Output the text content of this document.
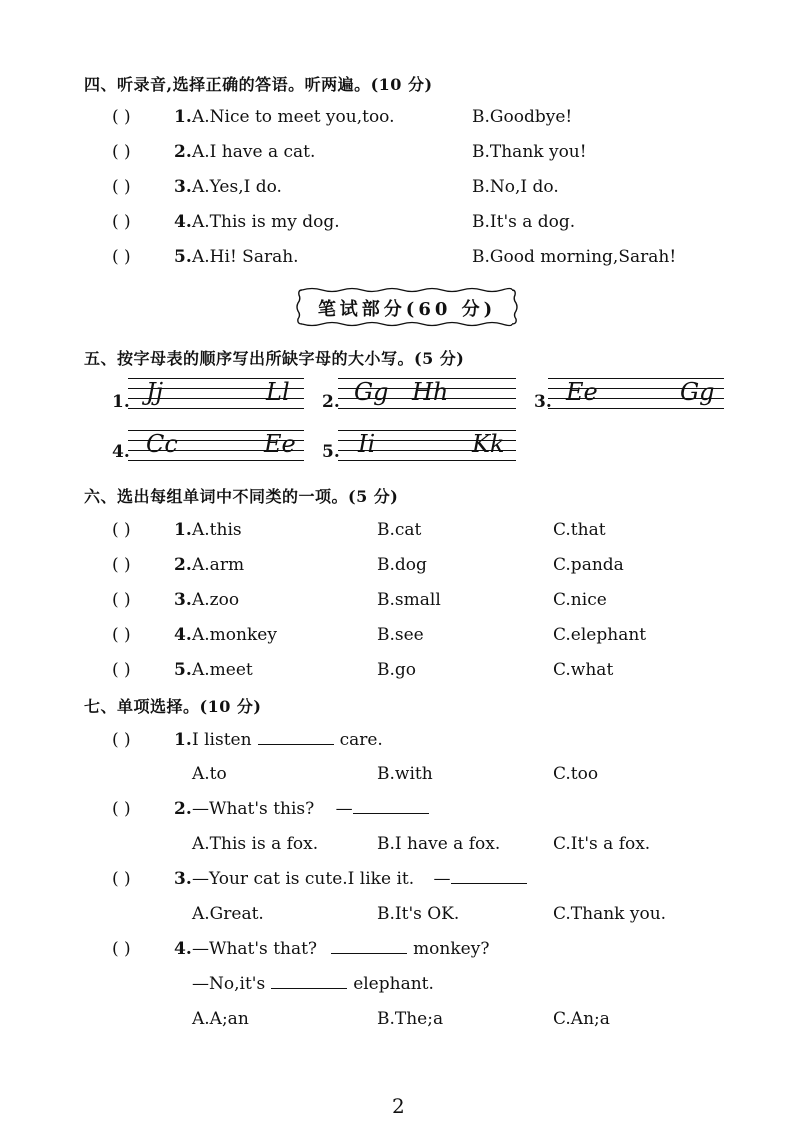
四、听录音,选择正确的答语。听两遍。(10 分)
( )	1. A.Nice to meet you,too.	B.Goodbye!
( )	2. A.I have a cat.	B.Thank you!
( )	3. A.Yes,I do.	B.No,I do.
( )	4. A.This is my dog.	B.It's a dog.
( )	5. A.Hi! Sarah.	B.Good morning,Sarah!
笔试部分(60 分)
五、按字母表的顺序写出所缺字母的大小写。(5 分)
1. Jj	Ll 2. Gg Hh	3. Ee	Gg
4. Cc	Ee 5. Ii	Kk
六、选出每组单词中不同类的一项。(5 分)
( )	1. A.this	B.cat	C.that
( )	2. A.arm	B.dog	C.panda
( )	3. A.zoo	B.small	C.nice
( )	4. A.monkey	B.see	C.elephant
( )	5. A.meet	B.go	C.what
七、单项选择。(10 分)
( )	1. I listen	care.
A.to	B.with	C.too
( )	2. —What's this? —
A.This is a fox.	B.I have a fox.	C.It's a fox.
( )	3. —Your cat is cute.I like it. —
A.Great.	B.It's OK.	C.Thank you.
( )	4. —What's that?	monkey?
—No,it's	elephant.
A.A;an	B.The;a	C.An;a
2
